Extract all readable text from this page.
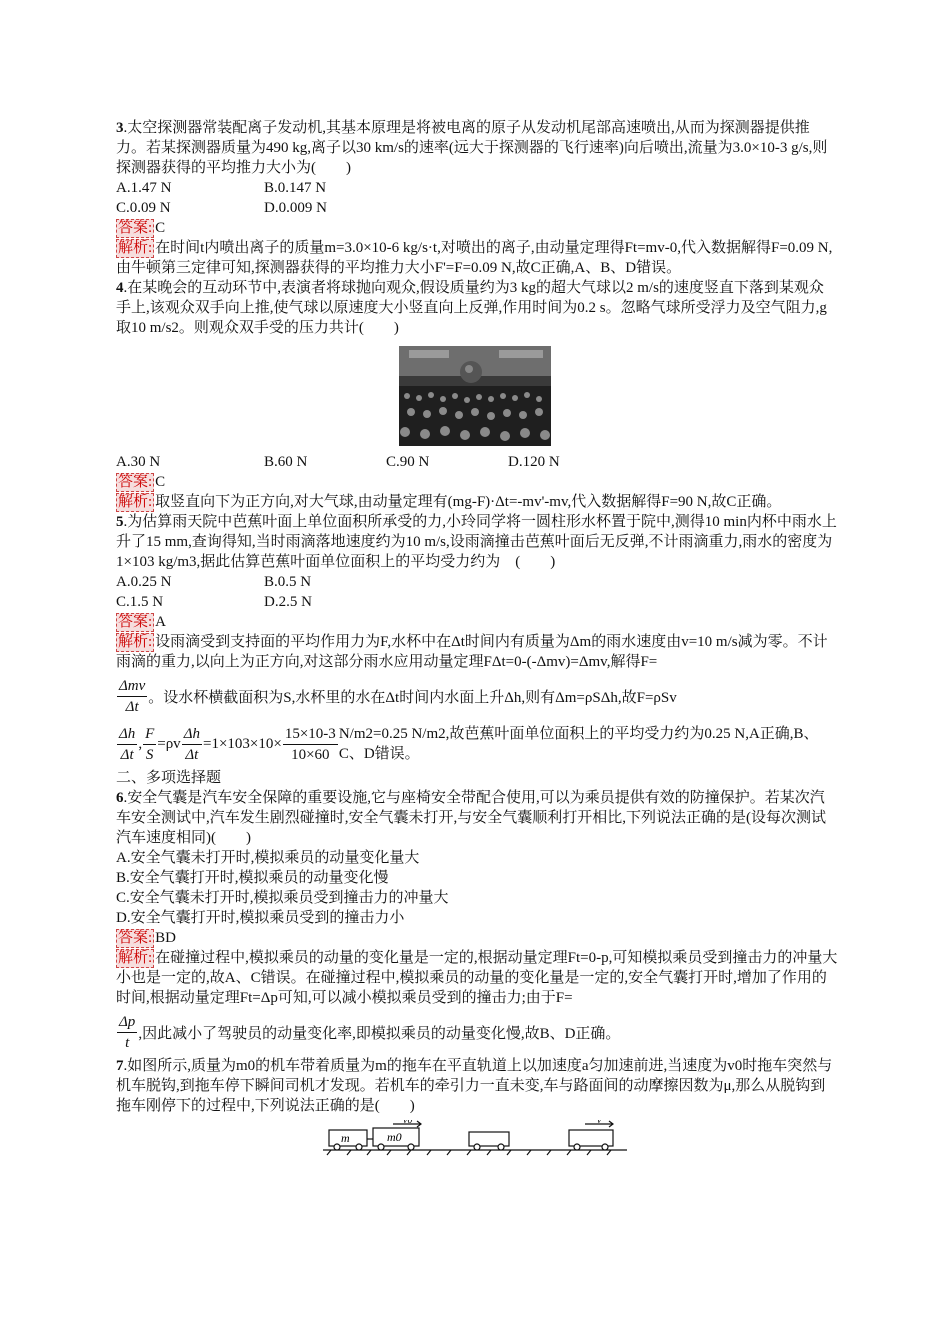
3.太空探测器常装配离子发动机,其基本原理是将被电离的原子从发动机尾部高速喷出,从而为探测器提供推力。若某探测器质量为490 kg,离子以30 km/s的速率(远大于探测器的飞行速率)向后喷出,流量为3.0×10-3 g/s,则探测器获得的平均推力大小为(　　)

A.1.47 N	B.0.147 N
C.0.09 N	D.0.009 N

答案: C

解析: 在时间t内喷出离子的质量m=3.0×10-6 kg/s·t,对喷出的离子,由动量定理得Ft=mv-0,代入数据解得F=0.09 N,由牛顿第三定律可知,探测器获得的平均推力大小F'=F=0.09 N,故C正确,A、B、D错误。

4.在某晚会的互动环节中,表演者将球抛向观众,假设质量约为3 kg的超大气球以2 m/s的速度竖直下落到某观众手上,该观众双手向上推,使气球以原速度大小竖直向上反弹,作用时间为0.2 s。忽略气球所受浮力及空气阻力,g取10 m/s2。则观众双手受的压力共计(　　)

A.30 N	B.60 N	C.90 N	D.120 N

答案: C

解析: 取竖直向下为正方向,对大气球,由动量定理有(mg-F)·Δt=-mv'-mv,代入数据解得F=90 N,故C正确。

5.为估算雨天院中芭蕉叶面上单位面积所承受的力,小玲同学将一圆柱形水杯置于院中,测得10 min内杯中雨水上升了15 mm,查询得知,当时雨滴落地速度约为10 m/s,设雨滴撞击芭蕉叶面后无反弹,不计雨滴重力,雨水的密度为1×103 kg/m3,据此估算芭蕉叶面单位面积上的平均受力约为　(　　)

A.0.25 N	B.0.5 N
C.1.5 N	D.2.5 N

答案: A

解析: 设雨滴受到支持面的平均作用力为F,水杯中在Δt时间内有质量为Δm的雨水速度由v=10 m/s减为零。不计雨滴的重力,以向上为正方向,对这部分雨水应用动量定理FΔt=0-(-Δmv)=Δmv,解得F=

$\frac{\text{Δmv}}{\Delta t}$ 。设水杯横截面积为S,水杯里的水在Δt时间内水面上升Δh,则有Δm=ρSΔh,故F=ρSv
$\frac{\Delta h}{\Delta t}$ , $\frac{F}{S} =\rho v \frac{\Delta h}{\Delta t} =1\times 103\times 10\times \frac{15\times 10-3}{10\times 60} N/m2=0.25$ N/m2,故芭蕉叶面单位面积上的平均受力约为0.25 N,A正确,B、C、D错误。

二、多项选择题

6.安全气囊是汽车安全保障的重要设施,它与座椅安全带配合使用,可以为乘员提供有效的防撞保护。若某次汽车安全测试中,汽车发生剧烈碰撞时,安全气囊未打开,与安全气囊顺利打开相比,下列说法正确的是(设每次测试汽车速度相同)(　　)

A.安全气囊未打开时,模拟乘员的动量变化量大

B.安全气囊打开时,模拟乘员的动量变化慢

C.安全气囊未打开时,模拟乘员受到撞击力的冲量大

D.安全气囊打开时,模拟乘员受到的撞击力小

答案: BD

解析: 在碰撞过程中,模拟乘员的动量的变化量是一定的,根据动量定理Ft=0-p,可知模拟乘员受到撞击力的冲量大小也是一定的,故A、C错误。在碰撞过程中,模拟乘员的动量的变化量是一定的,安全气囊打开时,增加了作用的时间,根据动量定理Ft=Δp可知,可以减小模拟乘员受到的撞击力;由于F=

$\frac{\Delta p}{t}$ ,因此减小了驾驶员的动量变化率,即模拟乘员的动量变化慢,故B、D正确。

7.如图所示,质量为m0的机车带着质量为m的拖车在平直轨道上以加速度a匀加速前进,当速度为v0时拖车突然与机车脱钩,到拖车停下瞬间司机才发现。若机车的牵引力一直未变,车与路面间的动摩擦因数为μ,那么从脱钩到拖车刚停下的过程中,下列说法正确的是(　　)

m	m0
v0	v
